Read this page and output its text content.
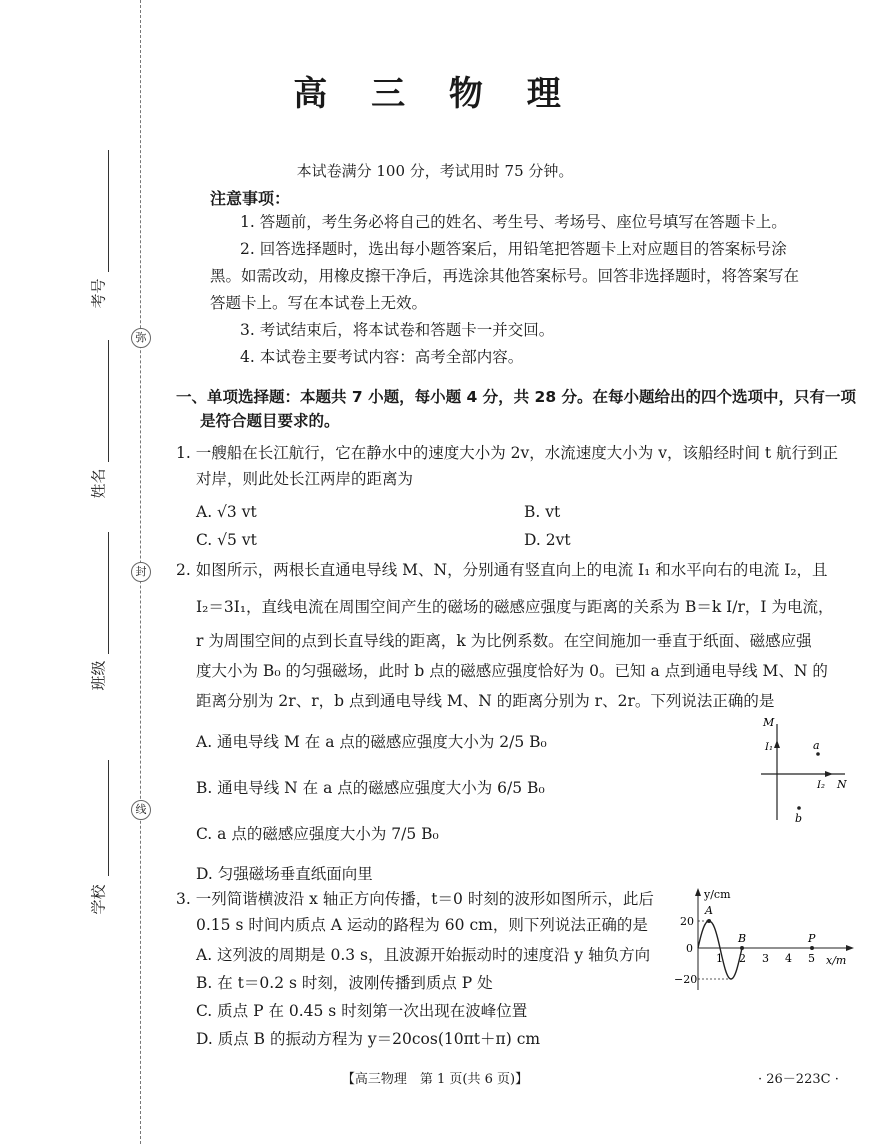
弥
封
线
考号
姓名
班级
学校
高 三 物 理
本试卷满分 100 分，考试用时 75 分钟。
注意事项：
1. 答题前，考生务必将自己的姓名、考生号、考场号、座位号填写在答题卡上。
2. 回答选择题时，选出每小题答案后，用铅笔把答题卡上对应题目的答案标号涂
黑。如需改动，用橡皮擦干净后，再选涂其他答案标号。回答非选择题时，将答案写在
答题卡上。写在本试卷上无效。
3. 考试结束后，将本试卷和答题卡一并交回。
4. 本试卷主要考试内容：高考全部内容。
一、单项选择题：本题共 7 小题，每小题 4 分，共 28 分。在每小题给出的四个选项中，只有一项
是符合题目要求的。
1. 一艘船在长江航行，它在静水中的速度大小为 2v，水流速度大小为 v，该船经时间 t 航行到正
对岸，则此处长江两岸的距离为
A. √3 vt	B. vt
C. √5 vt	D. 2vt
2. 如图所示，两根长直通电导线 M、N，分别通有竖直向上的电流 I₁ 和水平向右的电流 I₂，且
I₂＝3I₁，直线电流在周围空间产生的磁场的磁感应强度与距离的关系为 B＝k I/r，I 为电流，
r 为周围空间的点到长直导线的距离，k 为比例系数。在空间施加一垂直于纸面、磁感应强
度大小为 B₀ 的匀强磁场，此时 b 点的磁感应强度恰好为 0。已知 a 点到通电导线 M、N 的
距离分别为 2r、r，b 点到通电导线 M、N 的距离分别为 r、2r。下列说法正确的是
A. 通电导线 M 在 a 点的磁感应强度大小为 2/5 B₀
B. 通电导线 N 在 a 点的磁感应强度大小为 6/5 B₀
C. a 点的磁感应强度大小为 7/5 B₀
D. 匀强磁场垂直纸面向里
M
I₁
I₂ N
a
b
3. 一列简谐横波沿 x 轴正方向传播，t＝0 时刻的波形如图所示，此后
0.15 s 时间内质点 A 运动的路程为 60 cm，则下列说法正确的是
A. 这列波的周期是 0.3 s，且波源开始振动时的速度沿 y 轴负方向
B. 在 t＝0.2 s 时刻，波刚传播到质点 P 处
C. 质点 P 在 0.45 s 时刻第一次出现在波峰位置
D. 质点 B 的振动方程为 y＝20cos(10πt＋π) cm
y/cm
x/m
20
0
−20
1 2 3 4 5
A
B	P
【高三物理　第 1 页(共 6 页)】	· 26－223C ·
